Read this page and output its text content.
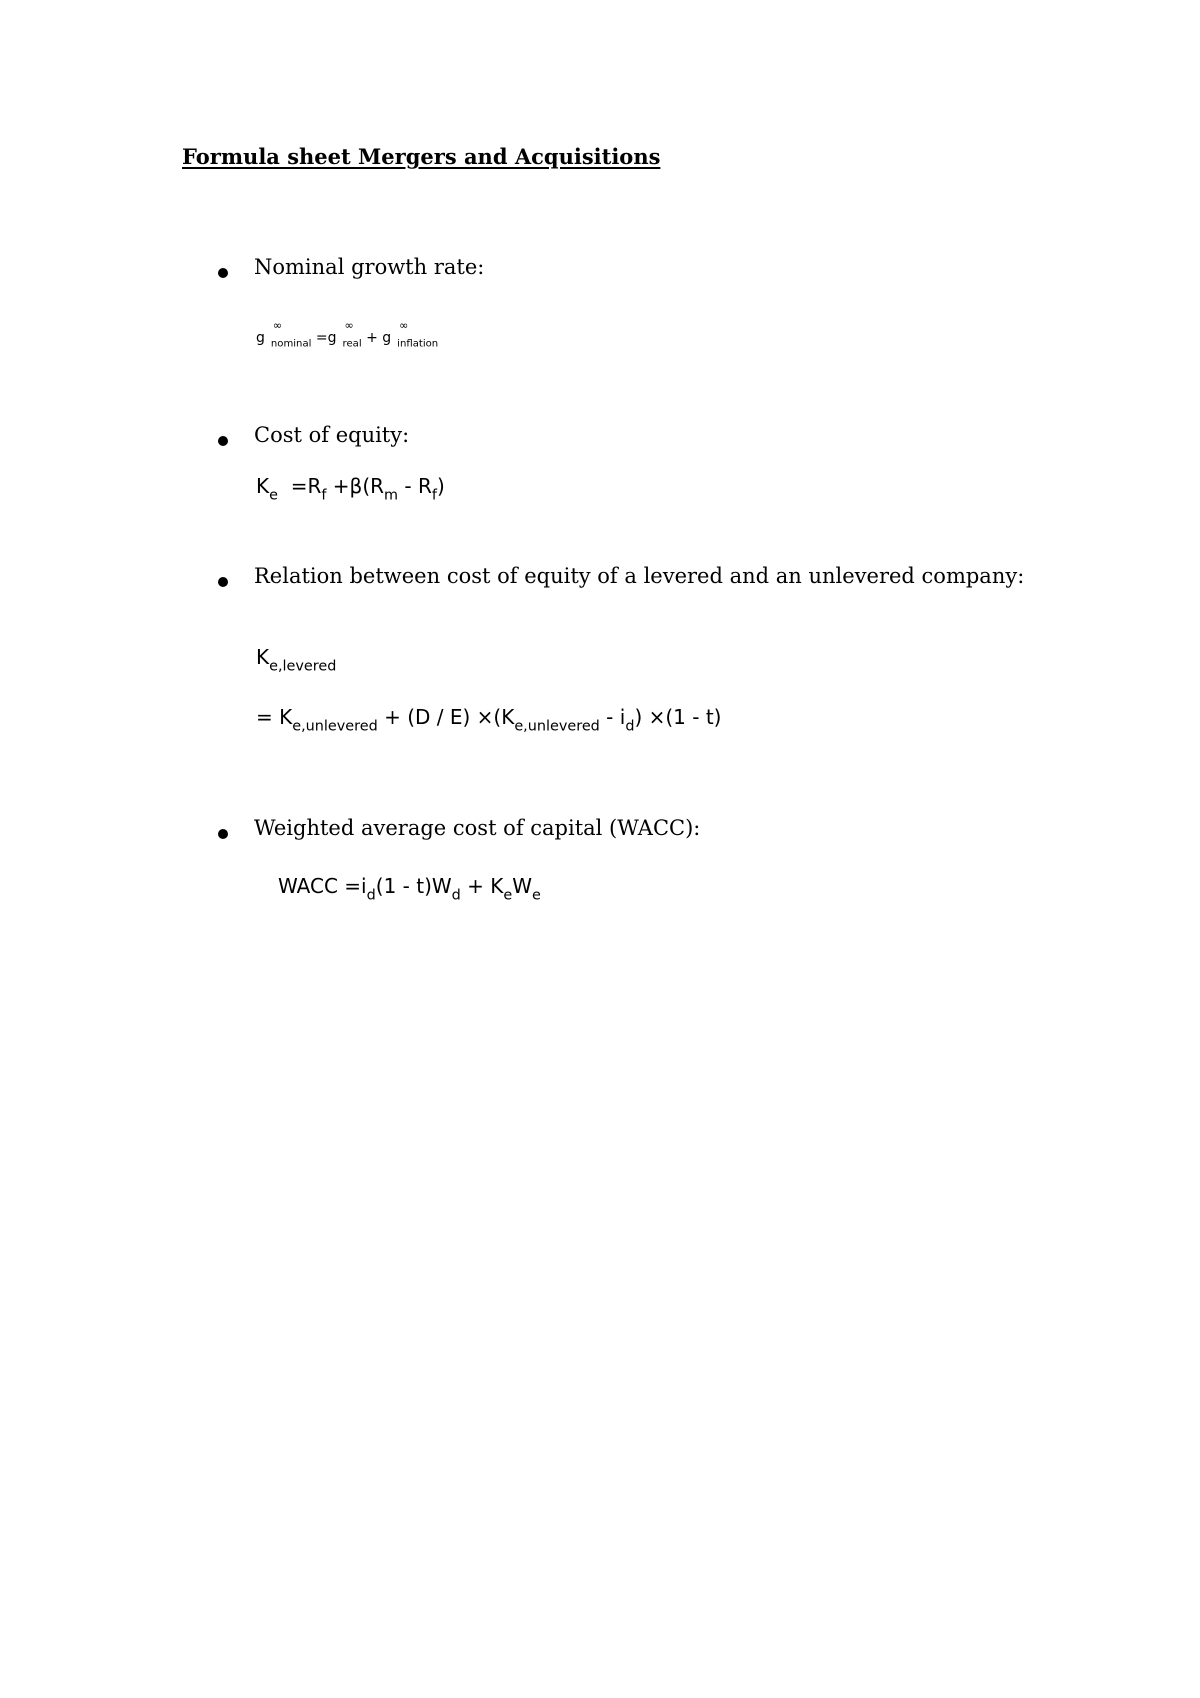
Formula sheet Mergers and Acquisitions
Nominal growth rate:
g
∞
$_{nominal}$ =g
∞
$_{real}$ + g
∞
$_{inflation}$
Cost of equity:
$K_e =R_f +\beta(R_m - R_f)$
Relation between cost of equity of a levered and an unlevered company:
$K_{e,levered}$
= $K_{e,unlevered} + (D / E) \times(K_{e,unlevered} - i_d) \times(1 - t)$
Weighted average cost of capital (WACC):
WACC $=i_d(1 - t)W_d + K_eW_e$
